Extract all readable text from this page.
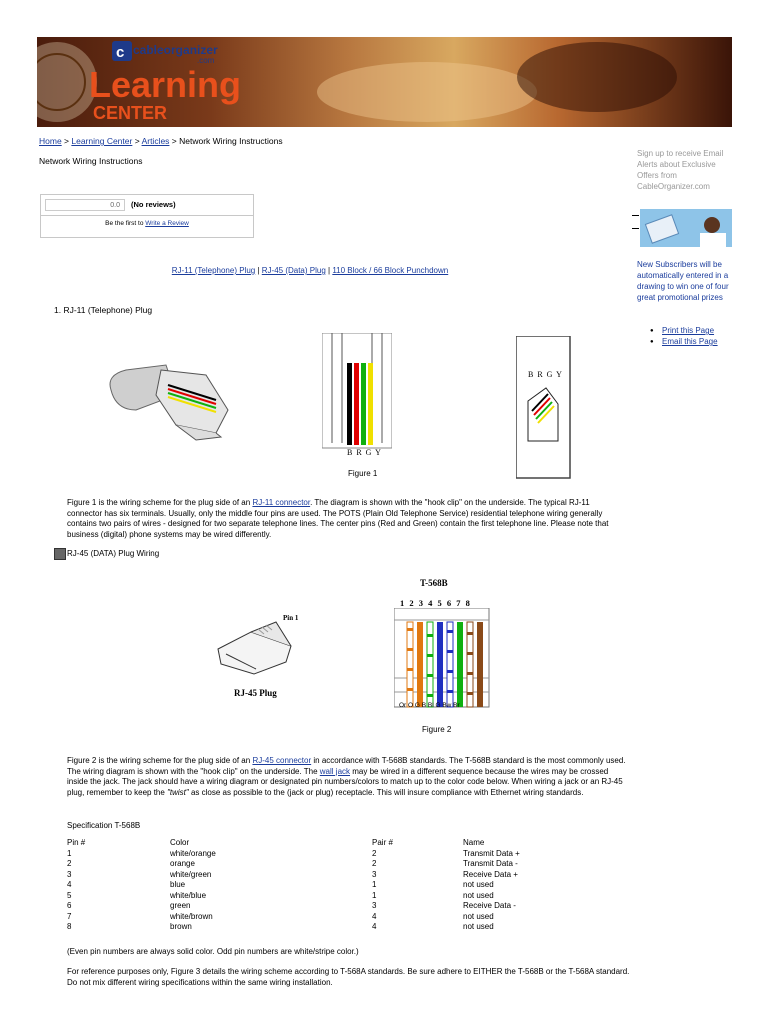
c cableorganizer
.com
Learning
CENTER
Home > Learning Center > Articles > Network Wiring Instructions
Network Wiring Instructions
0.0	(No reviews)
Be the first to Write a Review
RJ-11 (Telephone) Plug | RJ-45 (Data) Plug | 110 Block / 66 Block Punchdown
1. RJ-11 (Telephone) Plug
B R G Y
B R G Y
Figure 1
Figure 1 is the wiring scheme for the plug side of an RJ-11 connector. The diagram is shown with the "hook clip" on the underside. The typical RJ-11 connector has six terminals. Usually, only the middle four pins are used. The POTS (Plain Old Telephone Service) residential telephone wiring generally contains two pairs of wires - designed for two separate telephone lines. The center pins (Red and Green) contain the first telephone line. Please note that business (digital) phone systems may be wired differently.
RJ-45 (DATA) Plug Wiring
Pin 1
RJ-45 Plug
T-568B
1 2 3 4 5 6 7 8
Or O G B Bl G Bw Br
Figure 2
Figure 2 is the wiring scheme for the plug side of an RJ-45 connector in accordance with T-568B standards. The T-568B standard is the most commonly used. The wiring diagram is shown with the "hook clip" on the underside. The wall jack may be wired in a different sequence because the wires may be crossed inside the jack. The jack should have a wiring diagram or designated pin numbers/colors to match up to the color code below. When wiring a jack or an RJ-45 plug, remember to keep the "twist" as close as possible to the (jack or plug) receptacle. This will insure compliance with Ethernet wiring standards.
Specification T-568B
Pin #	Color	Pair #	Name
1	white/orange	2	Transmit Data +
2	orange	2	Transmit Data -
3	white/green	3	Receive Data +
4	blue	1	not used
5	white/blue	1	not used
6	green	3	Receive Data -
7	white/brown	4	not used
8	brown	4	not used
(Even pin numbers are always solid color. Odd pin numbers are white/stripe color.)
For reference purposes only, Figure 3 details the wiring scheme according to T-568A standards. Be sure adhere to EITHER the T-568B or the T-568A standard. Do not mix different wiring specifications within the same wiring installation.
Sign up to receive Email Alerts about Exclusive Offers from CableOrganizer.com
New Subscribers will be automatically entered in a drawing to win one of four great promotional prizes
● Print this Page
● Email this Page
